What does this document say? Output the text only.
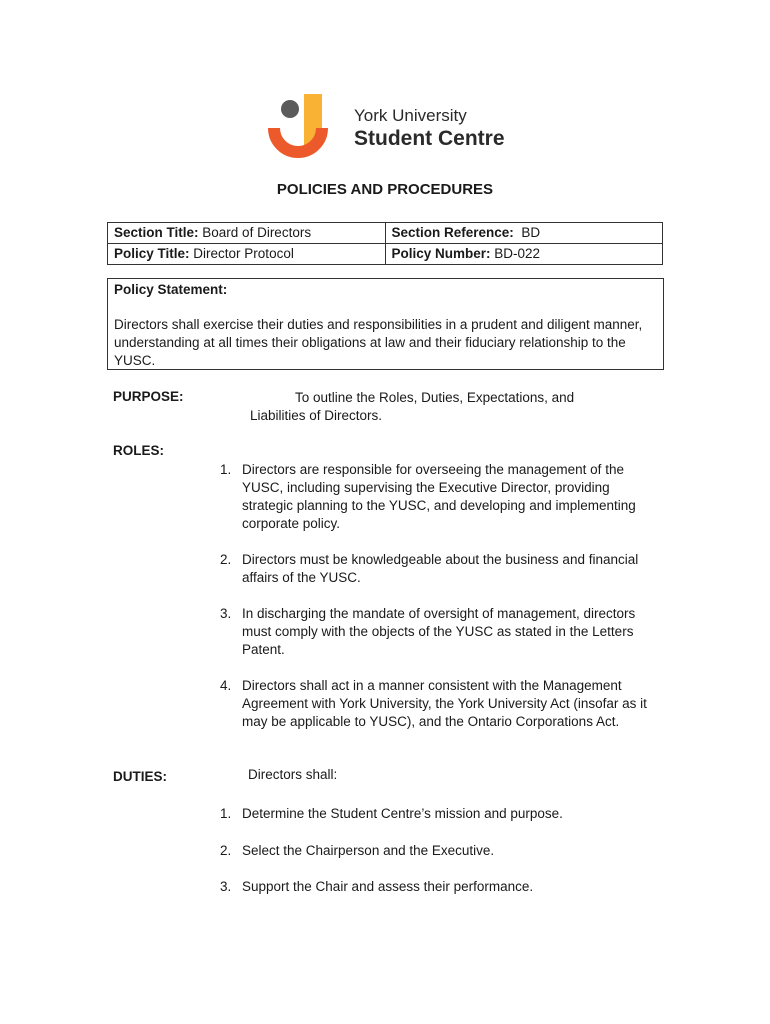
York University
Student Centre
POLICIES AND PROCEDURES
Section Title: Board of Directors	Section Reference: BD
Policy Title: Director Protocol	Policy Number: BD-022
Policy Statement:
Directors shall exercise their duties and responsibilities in a prudent and diligent manner, understanding at all times their obligations at law and their fiduciary relationship to the YUSC.
PURPOSE:	To outline the Roles, Duties, Expectations, and Liabilities of Directors.
ROLES:
1. Directors are responsible for overseeing the management of the YUSC, including supervising the Executive Director, providing strategic planning to the YUSC, and developing and implementing corporate policy.
2. Directors must be knowledgeable about the business and financial affairs of the YUSC.
3. In discharging the mandate of oversight of management, directors must comply with the objects of the YUSC as stated in the Letters Patent.
4. Directors shall act in a manner consistent with the Management Agreement with York University, the York University Act (insofar as it may be applicable to YUSC), and the Ontario Corporations Act.
DUTIES:	Directors shall:
1. Determine the Student Centre’s mission and purpose.
2. Select the Chairperson and the Executive.
3. Support the Chair and assess their performance.
